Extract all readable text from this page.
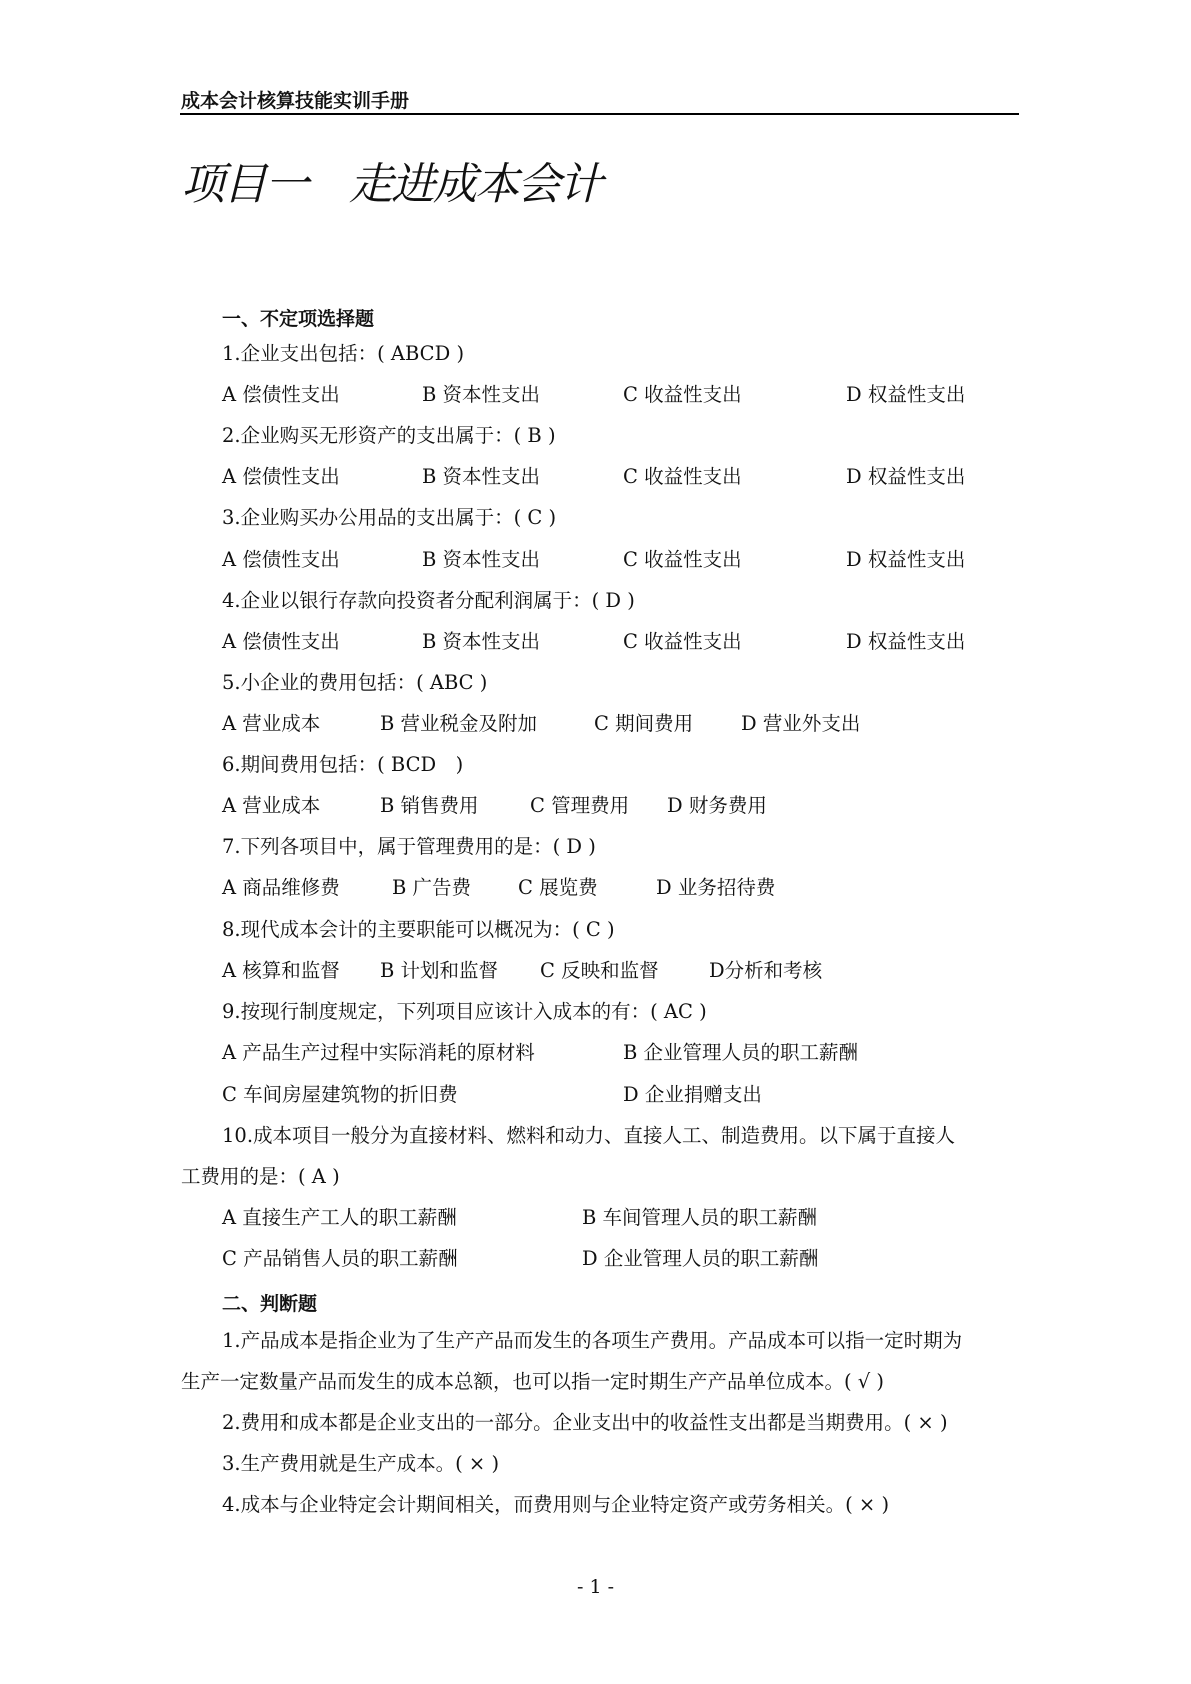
成本会计核算技能实训手册
项目一　走进成本会计
一、不定项选择题
1.企业支出包括：( ABCD )
A 偿债性支出	B 资本性支出	C 收益性支出	D 权益性支出
2.企业购买无形资产的支出属于：( B )
A 偿债性支出	B 资本性支出	C 收益性支出	D 权益性支出
3.企业购买办公用品的支出属于：( C )
A 偿债性支出	B 资本性支出	C 收益性支出	D 权益性支出
4.企业以银行存款向投资者分配利润属于：( D )
A 偿债性支出	B 资本性支出	C 收益性支出	D 权益性支出
5.小企业的费用包括：( ABC )
A 营业成本	B 营业税金及附加	C 期间费用 D 营业外支出
6.期间费用包括：( BCD　)
A 营业成本	B 销售费用	C 管理费用 D 财务费用
7.下列各项目中，属于管理费用的是：( D )
A 商品维修费	B 广告费 C 展览费	D 业务招待费
8.现代成本会计的主要职能可以概况为：( C )
A 核算和监督 B 计划和监督 C 反映和监督	D分析和考核
9.按现行制度规定，下列项目应该计入成本的有：( AC )
A 产品生产过程中实际消耗的原材料	B 企业管理人员的职工薪酬
C 车间房屋建筑物的折旧费	D 企业捐赠支出
10.成本项目一般分为直接材料、燃料和动力、直接人工、制造费用。以下属于直接人
工费用的是：( A )
A 直接生产工人的职工薪酬	B 车间管理人员的职工薪酬
C 产品销售人员的职工薪酬	D 企业管理人员的职工薪酬
二、判断题
1.产品成本是指企业为了生产产品而发生的各项生产费用。产品成本可以指一定时期为
生产一定数量产品而发生的成本总额，也可以指一定时期生产产品单位成本。( √ )
2.费用和成本都是企业支出的一部分。企业支出中的收益性支出都是当期费用。( × )
3.生产费用就是生产成本。( × )
4.成本与企业特定会计期间相关，而费用则与企业特定资产或劳务相关。( × )
- 1 -
